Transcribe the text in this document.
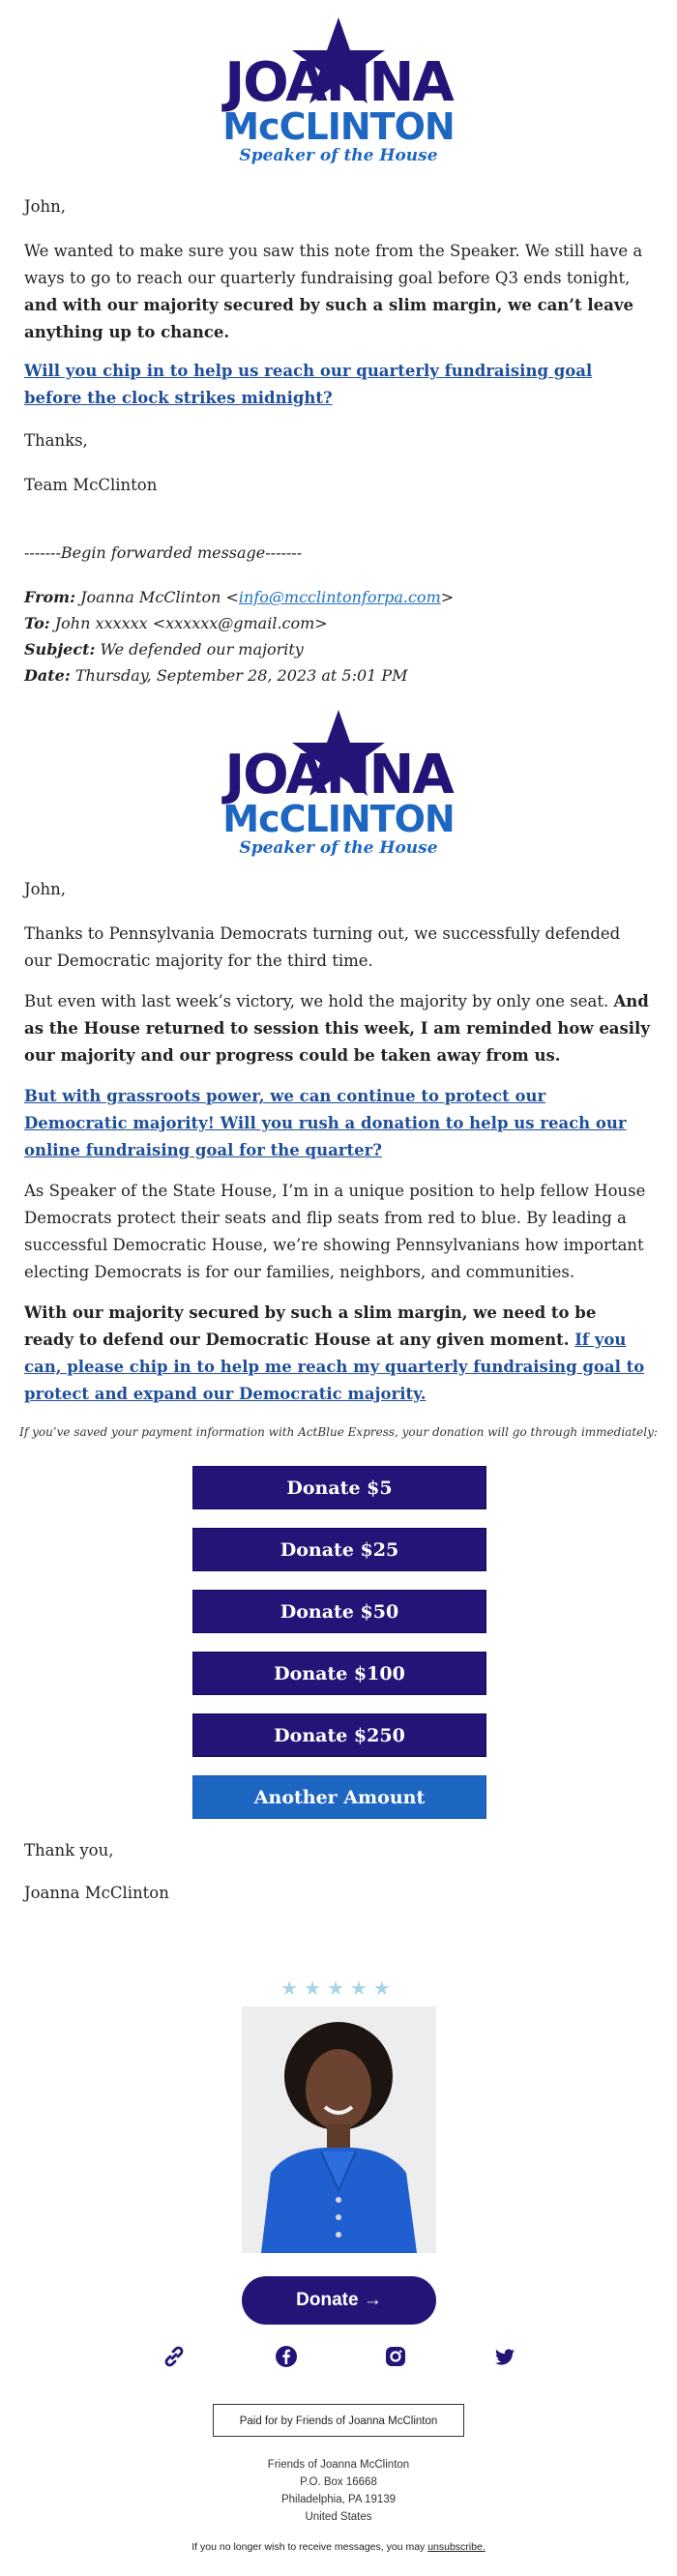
JOANNA
McCLINTON
Speaker of the House

John,

We wanted to make sure you saw this note from the Speaker. We still have a ways to go to reach our quarterly fundraising goal before Q3 ends tonight, and with our majority secured by such a slim margin, we can’t leave anything up to chance.

Will you chip in to help us reach our quarterly fundraising goal before the clock strikes midnight?

Thanks,

Team McClinton

-------Begin forwarded message-------

From: Joanna McClinton <info@mcclintonforpa.com>

To: John xxxxxx <xxxxxx@gmail.com>

Subject: We defended our majority

Date: Thursday, September 28, 2023 at 5:01 PM

JOANNA
McCLINTON
Speaker of the House

John,

Thanks to Pennsylvania Democrats turning out, we successfully defended our Democratic majority for the third time.

But even with last week’s victory, we hold the majority by only one seat. And as the House returned to session this week, I am reminded how easily our majority and our progress could be taken away from us.

But with grassroots power, we can continue to protect our Democratic majority! Will you rush a donation to help us reach our online fundraising goal for the quarter?

As Speaker of the State House, I’m in a unique position to help fellow House Democrats protect their seats and flip seats from red to blue. By leading a successful Democratic House, we’re showing Pennsylvanians how important electing Democrats is for our families, neighbors, and communities.

With our majority secured by such a slim margin, we need to be ready to defend our Democratic House at any given moment. If you can, please chip in to help me reach my quarterly fundraising goal to protect and expand our Democratic majority.

If you’ve saved your payment information with ActBlue Express, your donation will go through immediately:
Donate $5
Donate $25
Donate $50
Donate $100
Donate $250
Another Amount

Thank you,

Joanna McClinton

★★★★★
Donate →
Paid for by Friends of Joanna McClinton
Friends of Joanna McClinton
P.O. Box 16668
Philadelphia, PA 19139
United States
If you no longer wish to receive messages, you may unsubscribe.
